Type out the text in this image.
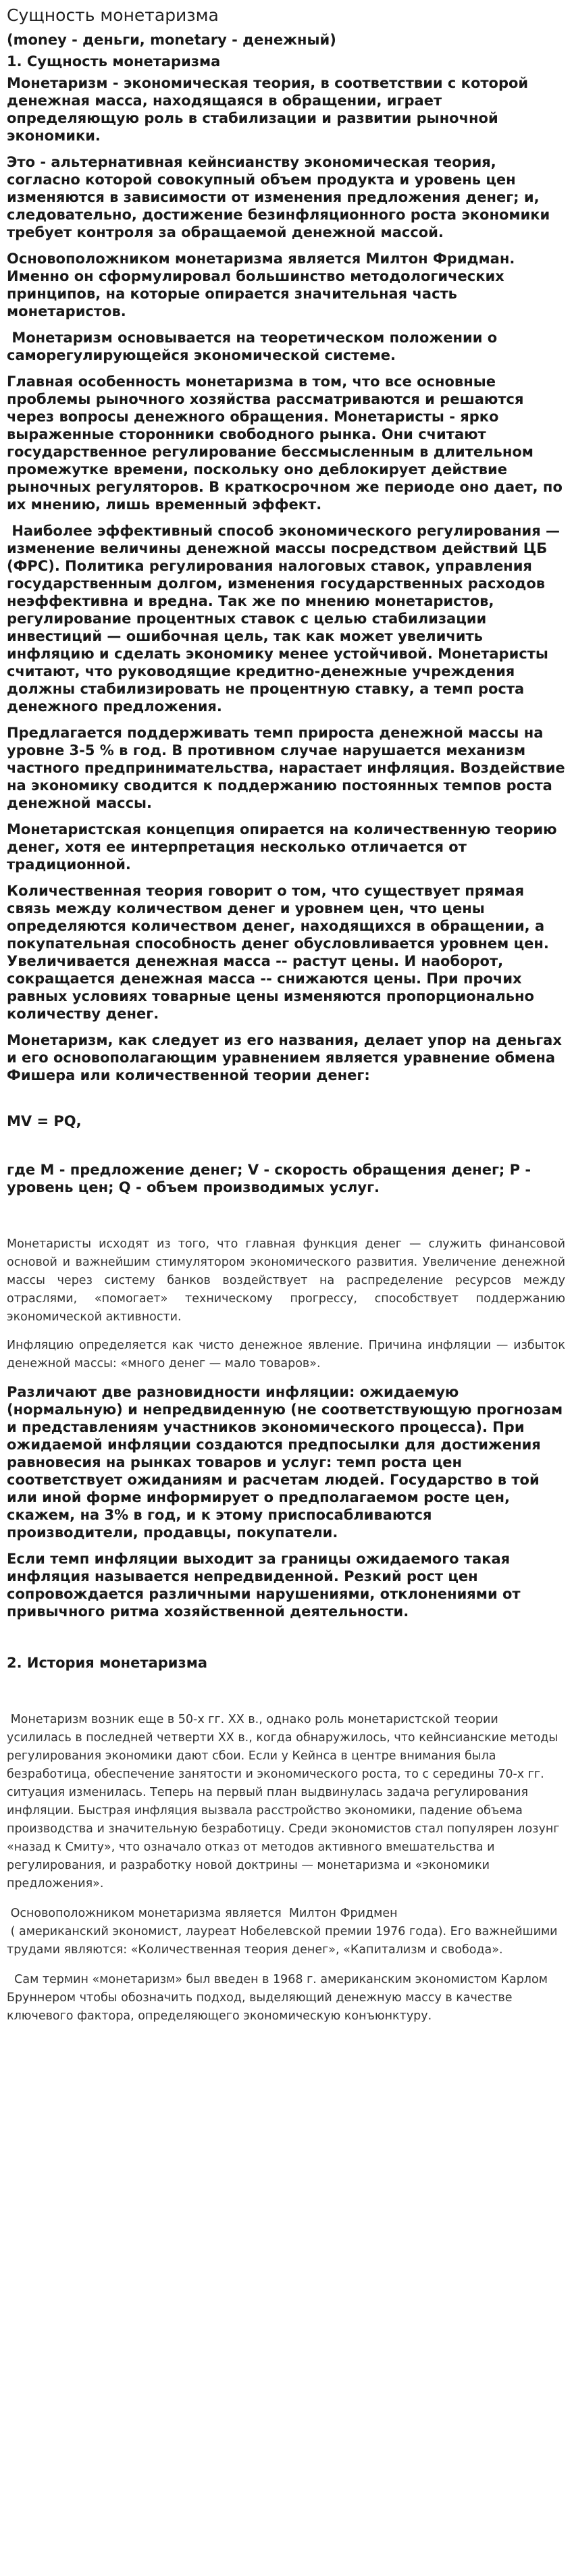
Сущность монетаризма
(money - деньги, monetary - денежный)
1. Сущность монетаризма
Монетаризм - экономическая теория, в соответствии с которой денежная масса, находящаяся в обращении, играет определяющую роль в стабилизации и развитии рыночной экономики.
Это - альтернативная кейнсианству экономическая теория, согласно которой совокупный объем продукта и уровень цен изменяются в зависимости от изменения предложения денег; и, следовательно, достижение безинфляционного роста экономики требует контроля за обращаемой денежной массой.
Основоположником монетаризма является Милтон Фридман. Именно он сформулировал большинство методологических принципов, на которые опирается значительная часть монетаристов.
Монетаризм основывается на теоретическом положении о саморегулирующейся экономической системе.
Главная особенность монетаризма в том, что все основные проблемы рыночного хозяйства рассматриваются и решаются через вопросы денежного обращения. Монетаристы - ярко выраженные сторонники свободного рынка. Они считают государственное регулирование бессмысленным в длительном промежутке времени, поскольку оно деблокирует действие рыночных регуляторов. В краткосрочном же периоде оно дает, по их мнению, лишь временный эффект.
Наиболее эффективный способ экономического регулирования — изменение величины денежной массы посредством действий ЦБ (ФРС). Политика регулирования налоговых ставок, управления государственным долгом, изменения государственных расходов неэффективна и вредна. Так же по мнению монетаристов, регулирование процентных ставок с целью стабилизации инвестиций — ошибочная цель, так как может увеличить инфляцию и сделать экономику менее устойчивой. Монетаристы считают, что руководящие кредитно-денежные учреждения должны стабилизировать не процентную ставку, а темп роста денежного предложения.
Предлагается поддерживать темп прироста денежной массы на уровне 3-5 % в год. В противном случае нарушается механизм частного предпринимательства, нарастает инфляция. Воздействие на экономику сводится к поддержанию постоянных темпов роста денежной массы.
Монетаристская концепция опирается на количественную теорию денег, хотя ее интерпретация несколько отличается от традиционной.
Количественная теория говорит о том, что существует прямая связь между количеством денег и уровнем цен, что цены определяются количеством денег, находящихся в обращении, а покупательная способность денег обусловливается уровнем цен. Увеличивается денежная масса -- растут цены. И наоборот, сокращается денежная масса -- снижаются цены. При прочих равных условиях товарные цены изменяются пропорционально количеству денег.
Монетаризм, как следует из его названия, делает упор на деньгах и его основополагающим уравнением является уравнение обмена Фишера или количественной теории денег:
MV = PQ,
где М - предложение денег; V - скорость обращения денег; Р - уровень цен; Q - объем производимых услуг.
Монетаристы исходят из того, что главная функция денег — служить финансовой основой и важнейшим стимулятором экономического развития. Увеличение денежной массы через систему банков воздействует на распределение ресурсов между отраслями, «помогает» техническому прогрессу, способствует поддержанию экономической активности.
Инфляцию определяется как чисто денежное явление. Причина инфляции — избыток денежной массы: «много денег — мало товаров».
Различают две разновидности инфляции: ожидаемую (нормальную) и непредвиденную (не соответствующую прогнозам и представлениям участников экономического процесса). При ожидаемой инфляции создаются предпосылки для достижения равновесия на рынках товаров и услуг: темп роста цен соответствует ожиданиям и расчетам людей. Государство в той или иной форме информирует о предполагаемом росте цен, скажем, на 3% в год, и к этому приспосабливаются производители, продавцы, покупатели.
Если темп инфляции выходит за границы ожидаемого такая инфляция называется непредвиденной. Резкий рост цен сопровождается различными нарушениями, отклонениями от привычного ритма хозяйственной деятельности.
2. История монетаризма
Монетаризм возник еще в 50-х гг. XX в., однако роль монетаристской теории усилилась в последней четверти XX в., когда обнаружилось, что кейнсианские методы регулирования экономики дают сбои. Если у Кейнса в центре внимания была безработица, обеспечение занятости и экономического роста, то с середины 70-х гг. ситуация изменилась. Теперь на первый план выдвинулась задача регулирования инфляции. Быстрая инфляция вызвала расстройство экономики, падение объема производства и значительную безработицу. Среди экономистов стал популярен лозунг «назад к Смиту», что означало отказ от методов активного вмешательства и регулирования, и разработку новой доктрины — монетаризма и «экономики предложения».
Основоположником монетаризма является  Милтон Фридмен
( американский экономист, лауреат Нобелевской премии 1976 года). Его важнейшими трудами являются: «Количественная теория денег», «Капитализм и свобода».
Сам термин «монетаризм» был введен в 1968 г. американским экономистом Карлом Бруннером чтобы обозначить подход, выделяющий денежную массу в качестве ключевого фактора, определяющего экономическую конъюнктуру.
